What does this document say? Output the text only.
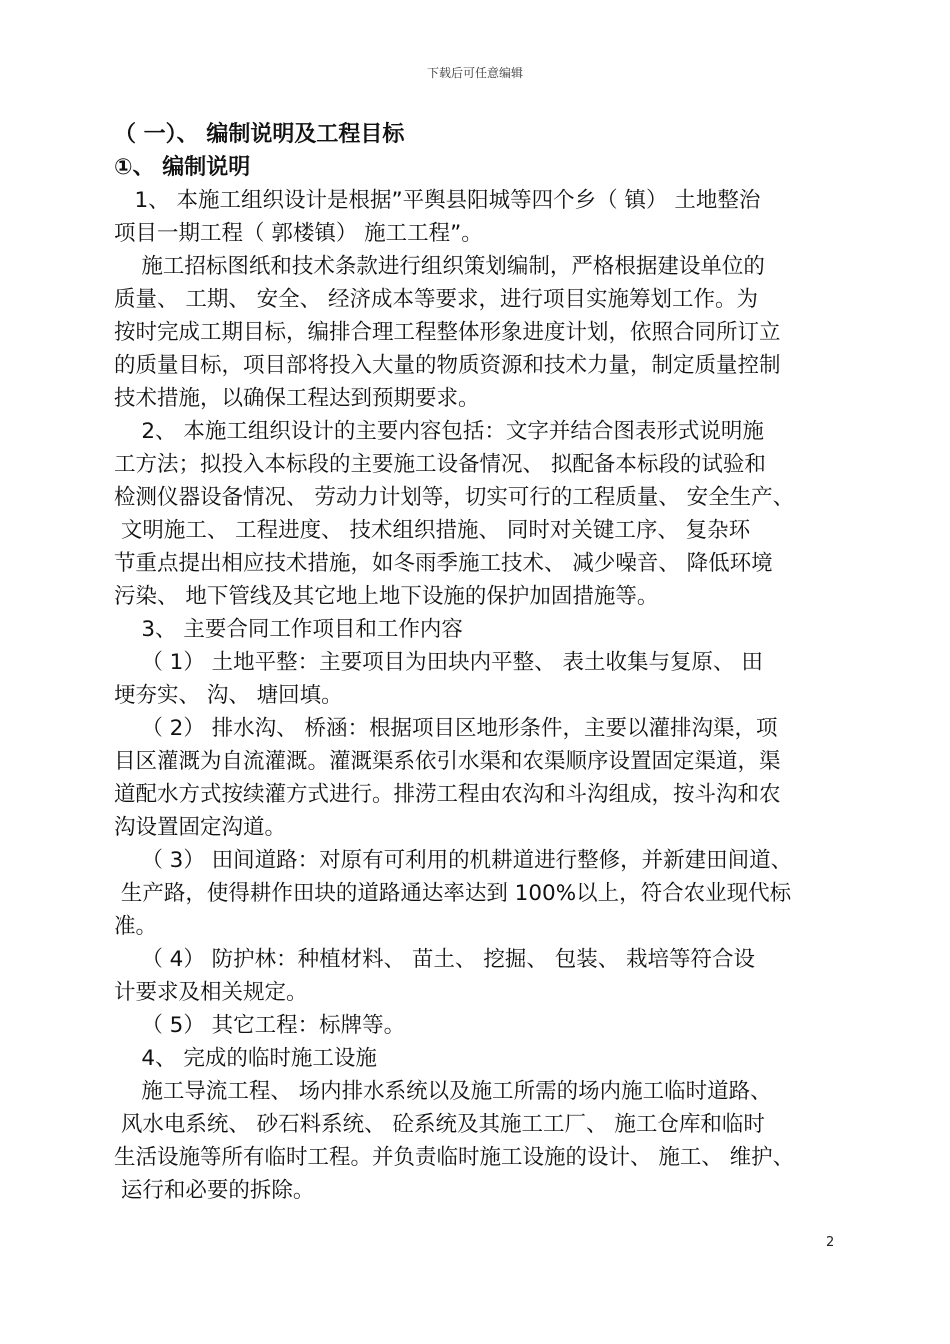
下载后可任意编辑
（ 一）、 编制说明及工程目标
①、 编制说明
1、 本施工组织设计是根据”平舆县阳城等四个乡（ 镇） 土地整治
项目一期工程（ 郭楼镇） 施工工程”。
施工招标图纸和技术条款进行组织策划编制，严格根据建设单位的
质量、 工期、 安全、 经济成本等要求，进行项目实施筹划工作。为
按时完成工期目标，编排合理工程整体形象进度计划，依照合同所订立
的质量目标，项目部将投入大量的物质资源和技术力量，制定质量控制
技术措施，以确保工程达到预期要求。
2、 本施工组织设计的主要内容包括：文字并结合图表形式说明施
工方法；拟投入本标段的主要施工设备情况、 拟配备本标段的试验和
检测仪器设备情况、 劳动力计划等，切实可行的工程质量、 安全生产、
文明施工、 工程进度、 技术组织措施、 同时对关键工序、 复杂环
节重点提出相应技术措施，如冬雨季施工技术、 减少噪音、 降低环境
污染、 地下管线及其它地上地下设施的保护加固措施等。
3、 主要合同工作项目和工作内容
（ 1） 土地平整：主要项目为田块内平整、 表土收集与复原、 田
埂夯实、 沟、 塘回填。
（ 2） 排水沟、 桥涵：根据项目区地形条件，主要以灌排沟渠，项
目区灌溉为自流灌溉。灌溉渠系依引水渠和农渠顺序设置固定渠道，渠
道配水方式按续灌方式进行。排涝工程由农沟和斗沟组成，按斗沟和农
沟设置固定沟道。
（ 3） 田间道路：对原有可利用的机耕道进行整修，并新建田间道、
生产路，使得耕作田块的道路通达率达到 100%以上，符合农业现代标
准。
（ 4） 防护林：种植材料、 苗土、 挖掘、 包装、 栽培等符合设
计要求及相关规定。
（ 5） 其它工程：标牌等。
4、 完成的临时施工设施
施工导流工程、 场内排水系统以及施工所需的场内施工临时道路、
风水电系统、 砂石料系统、 砼系统及其施工工厂、 施工仓库和临时
生活设施等所有临时工程。并负责临时施工设施的设计、 施工、 维护、
运行和必要的拆除。
2
